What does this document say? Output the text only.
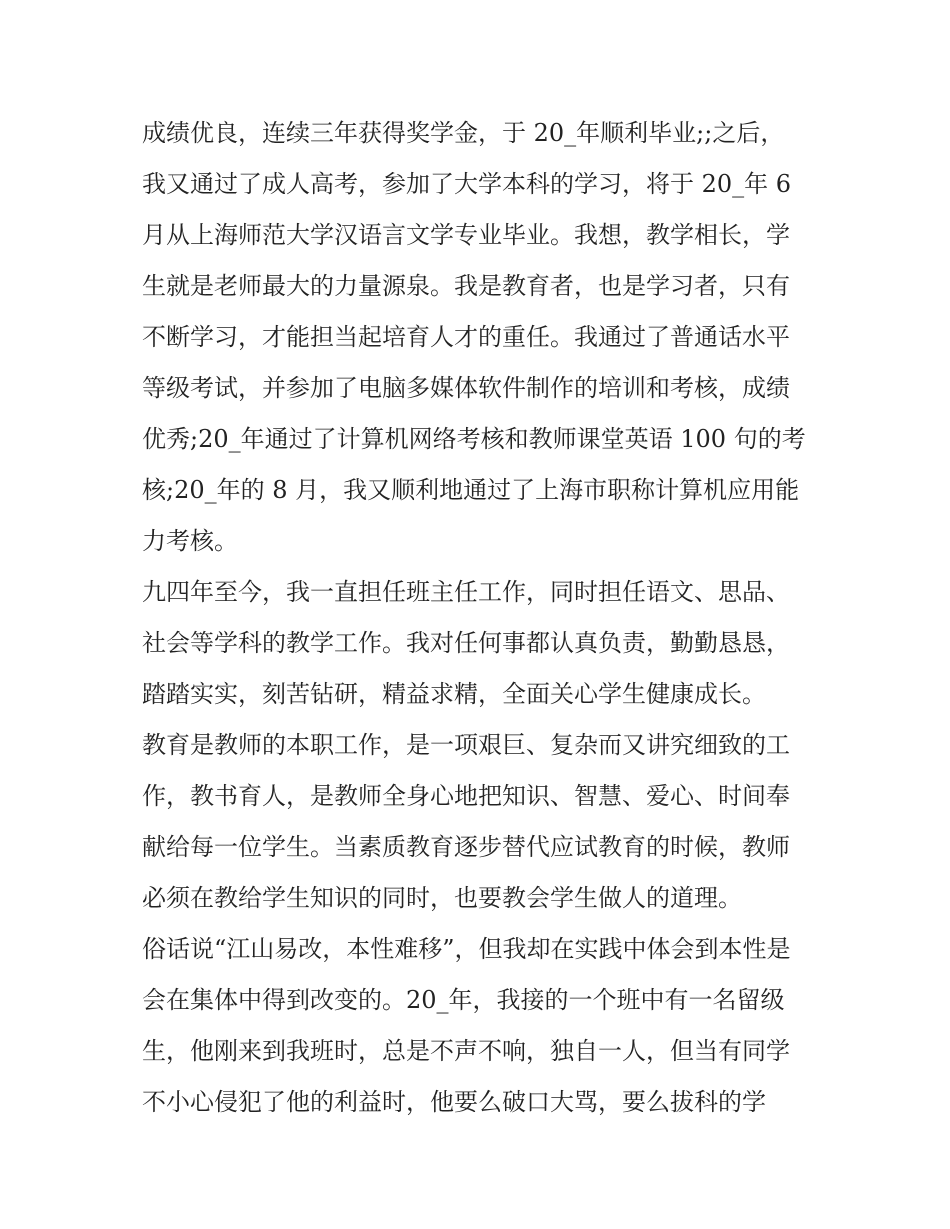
成绩优良，连续三年获得奖学金，于 20_年顺利毕业;;之后，
我又通过了成人高考，参加了大学本科的学习，将于 20_年 6
月从上海师范大学汉语言文学专业毕业。我想，教学相长，学
生就是老师最大的力量源泉。我是教育者，也是学习者，只有
不断学习，才能担当起培育人才的重任。我通过了普通话水平
等级考试，并参加了电脑多媒体软件制作的培训和考核，成绩
优秀;20_年通过了计算机网络考核和教师课堂英语 100 句的考
核;20_年的 8 月，我又顺利地通过了上海市职称计算机应用能
力考核。
九四年至今，我一直担任班主任工作，同时担任语文、思品、
社会等学科的教学工作。我对任何事都认真负责，勤勤恳恳，
踏踏实实，刻苦钻研，精益求精，全面关心学生健康成长。
教育是教师的本职工作，是一项艰巨、复杂而又讲究细致的工
作，教书育人，是教师全身心地把知识、智慧、爱心、时间奉
献给每一位学生。当素质教育逐步替代应试教育的时候，教师
必须在教给学生知识的同时，也要教会学生做人的道理。
俗话说“江山易改，本性难移”，但我却在实践中体会到本性是
会在集体中得到改变的。20_年，我接的一个班中有一名留级
生，他刚来到我班时，总是不声不响，独自一人，但当有同学
不小心侵犯了他的利益时，他要么破口大骂，要么拔科的学
